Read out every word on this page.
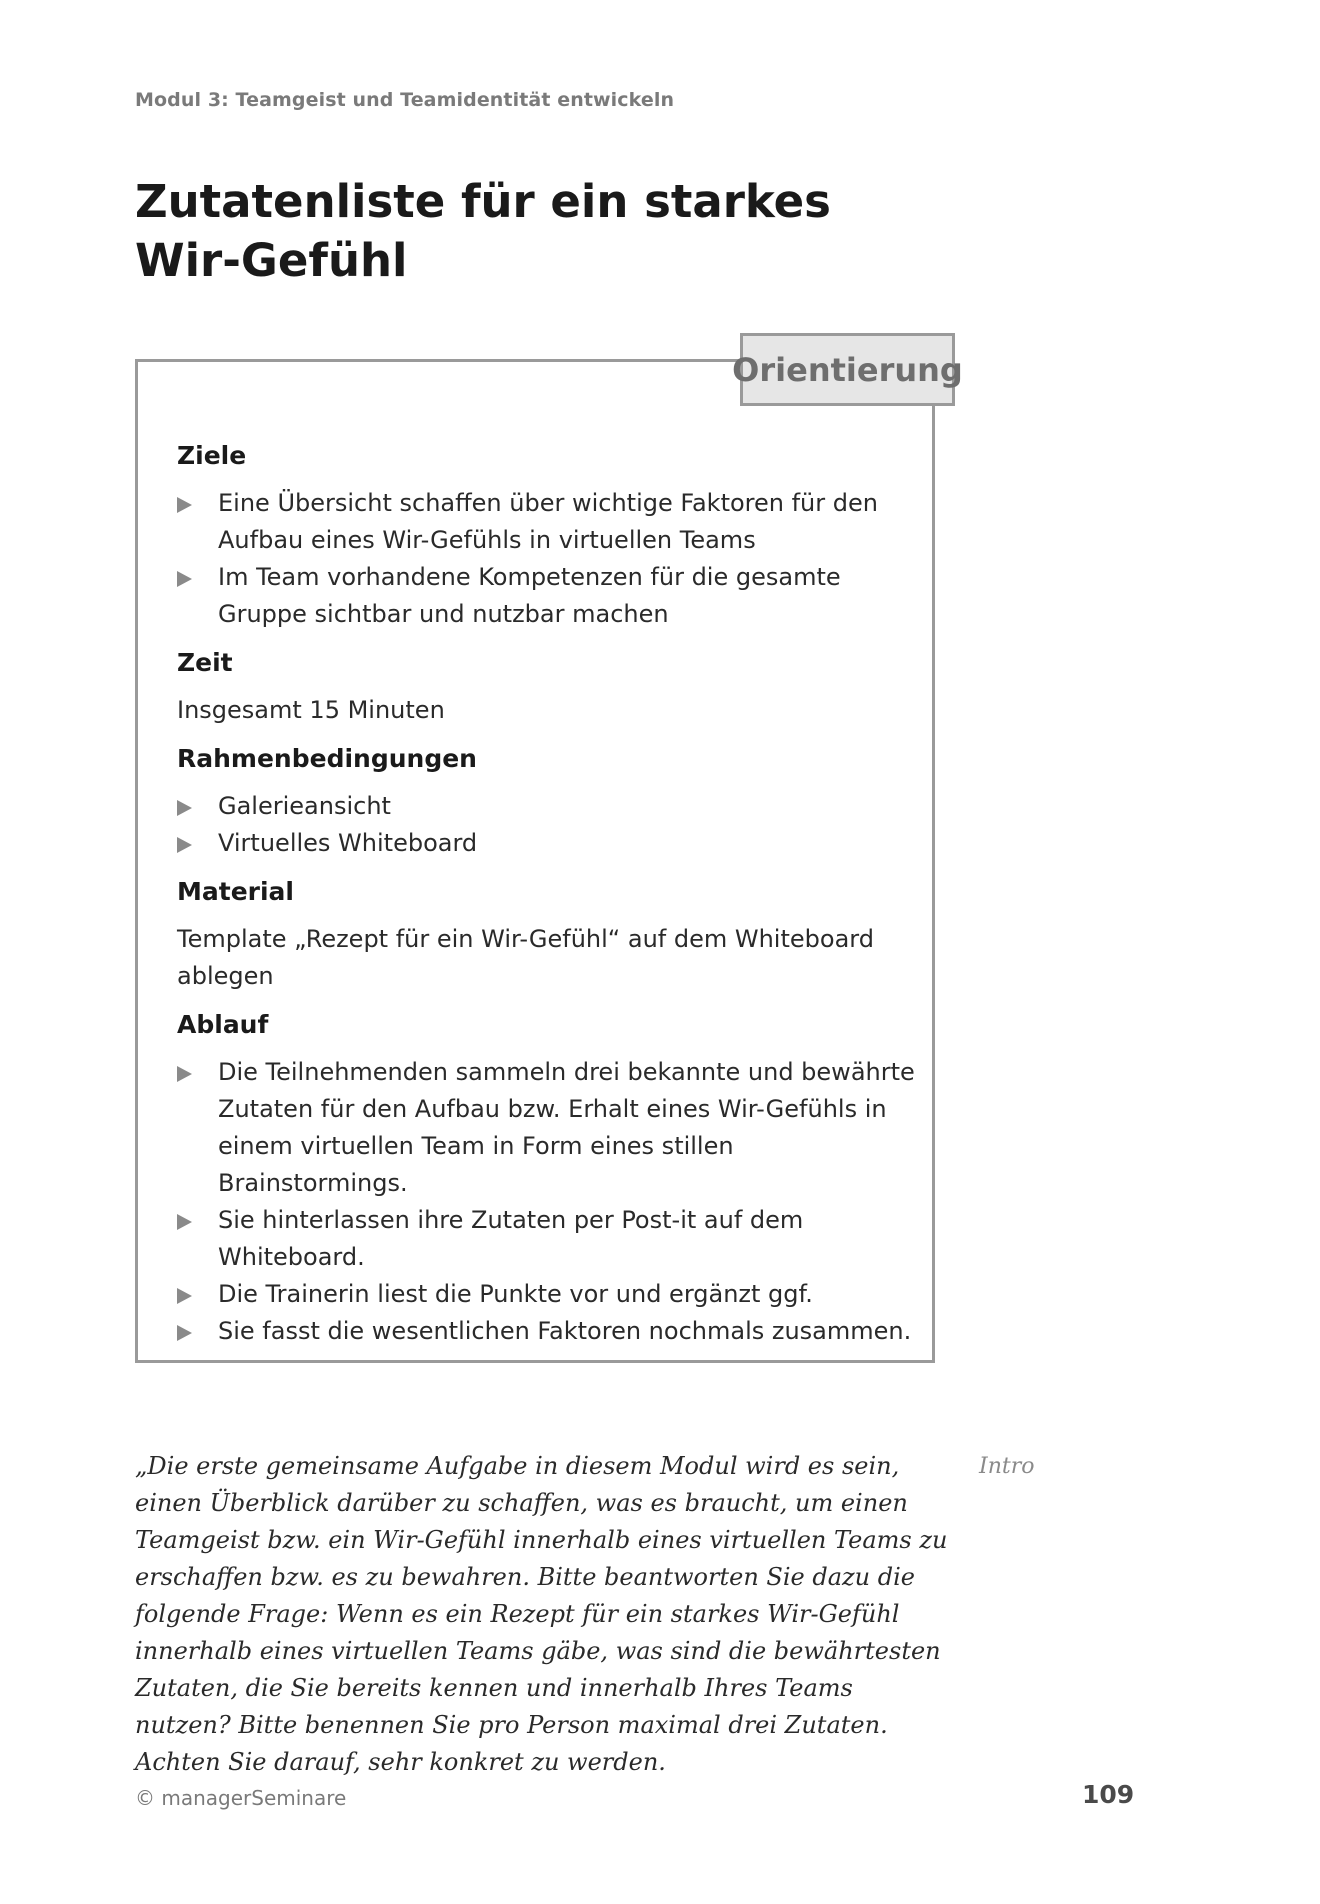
Modul 3: Teamgeist und Teamidentität entwickeln
Zutatenliste für ein starkes
Wir-Gefühl
Orientierung
Ziele
Eine Übersicht schaffen über wichtige Faktoren für den Aufbau eines Wir-Gefühls in virtuellen Teams
Im Team vorhandene Kompetenzen für die gesamte Gruppe sichtbar und nutzbar machen
Zeit

Insgesamt 15 Minuten

Rahmenbedingungen
Galerieansicht
Virtuelles Whiteboard
Material

Template „Rezept für ein Wir-Gefühl“ auf dem Whiteboard ablegen

Ablauf
Die Teilnehmenden sammeln drei bekannte und bewährte Zutaten für den Aufbau bzw. Erhalt eines Wir-Gefühls in einem virtuellen Team in Form eines stillen Brainstormings.
Sie hinterlassen ihre Zutaten per Post-it auf dem Whiteboard.
Die Trainerin liest die Punkte vor und ergänzt ggf.
Sie fasst die wesentlichen Faktoren nochmals zusammen.

„Die erste gemeinsame Aufgabe in diesem Modul wird es sein, einen Überblick darüber zu schaffen, was es braucht, um einen Teamgeist bzw. ein Wir-Gefühl innerhalb eines virtuellen Teams zu erschaffen bzw. es zu bewahren. Bitte beantworten Sie dazu die folgende Frage: Wenn es ein Rezept für ein starkes Wir-Gefühl innerhalb eines virtuellen Teams gäbe, was sind die bewährtesten Zutaten, die Sie bereits kennen und innerhalb Ihres Teams nutzen? Bitte benennen Sie pro Person maximal drei Zutaten. Achten Sie darauf, sehr konkret zu werden.

Intro
© managerSeminare	109
